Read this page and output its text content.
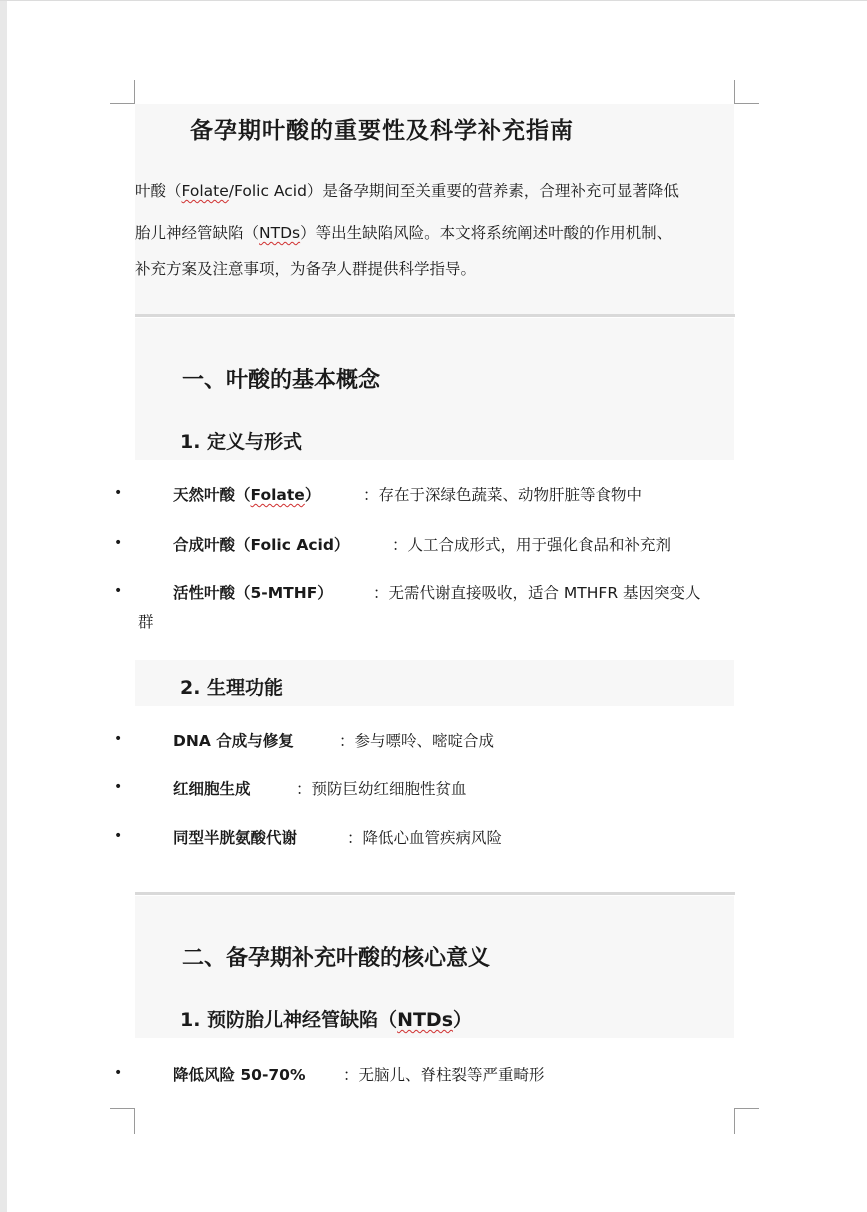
备孕期叶酸的重要性及科学补充指南
叶酸（Folate/Folic Acid）是备孕期间至关重要的营养素，合理补充可显著降低
胎儿神经管缺陷（NTDs）等出生缺陷风险。本文将系统阐述叶酸的作用机制、
补充方案及注意事项，为备孕人群提供科学指导。
一、叶酸的基本概念
1. 定义与形式
•	天然叶酸（Folate）	：存在于深绿色蔬菜、动物肝脏等食物中
•	合成叶酸（Folic Acid）	：人工合成形式，用于强化食品和补充剂
•	活性叶酸（5-MTHF）	：无需代谢直接吸收，适合 MTHFR 基因突变人
群
2. 生理功能
•	DNA 合成与修复	：参与嘌呤、嘧啶合成
•	红细胞生成	：预防巨幼红细胞性贫血
•	同型半胱氨酸代谢	：降低心血管疾病风险
二、备孕期补充叶酸的核心意义
1. 预防胎儿神经管缺陷（NTDs）
•	降低风险 50-70% ：无脑儿、脊柱裂等严重畸形
